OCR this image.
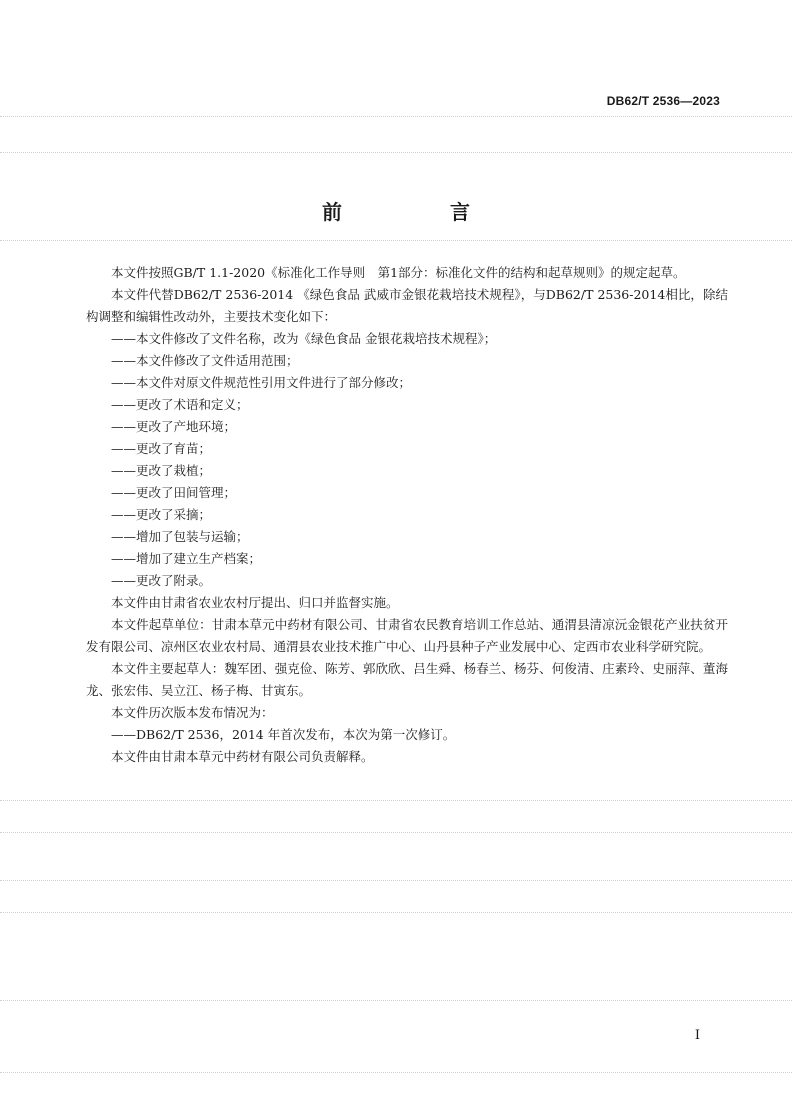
DB62/T 2536—2023
前　言

本文件按照GB/T 1.1-2020《标准化工作导则　第1部分：标准化文件的结构和起草规则》的规定起草。

本文件代替DB62/T 2536-2014 《绿色食品 武威市金银花栽培技术规程》，与DB62/T 2536-2014相比，除结构调整和编辑性改动外，主要技术变化如下：

——本文件修改了文件名称，改为《绿色食品 金银花栽培技术规程》；

——本文件修改了文件适用范围；

——本文件对原文件规范性引用文件进行了部分修改；

——更改了术语和定义；

——更改了产地环境；

——更改了育苗；

——更改了栽植；

——更改了田间管理；

——更改了采摘；

——增加了包装与运输；

——增加了建立生产档案；

——更改了附录。

本文件由甘肃省农业农村厅提出、归口并监督实施。

本文件起草单位：甘肃本草元中药材有限公司、甘肃省农民教育培训工作总站、通渭县清凉沅金银花产业扶贫开发有限公司、凉州区农业农村局、通渭县农业技术推广中心、山丹县种子产业发展中心、定西市农业科学研究院。

本文件主要起草人：魏军团、强克俭、陈芳、郭欣欣、吕生舜、杨春兰、杨芬、何俊清、庄素玲、史丽萍、董海龙、张宏伟、吴立江、杨子梅、甘寅东。

本文件历次版本发布情况为：

——DB62/T 2536，2014 年首次发布，本次为第一次修订。

本文件由甘肃本草元中药材有限公司负责解释。

I
